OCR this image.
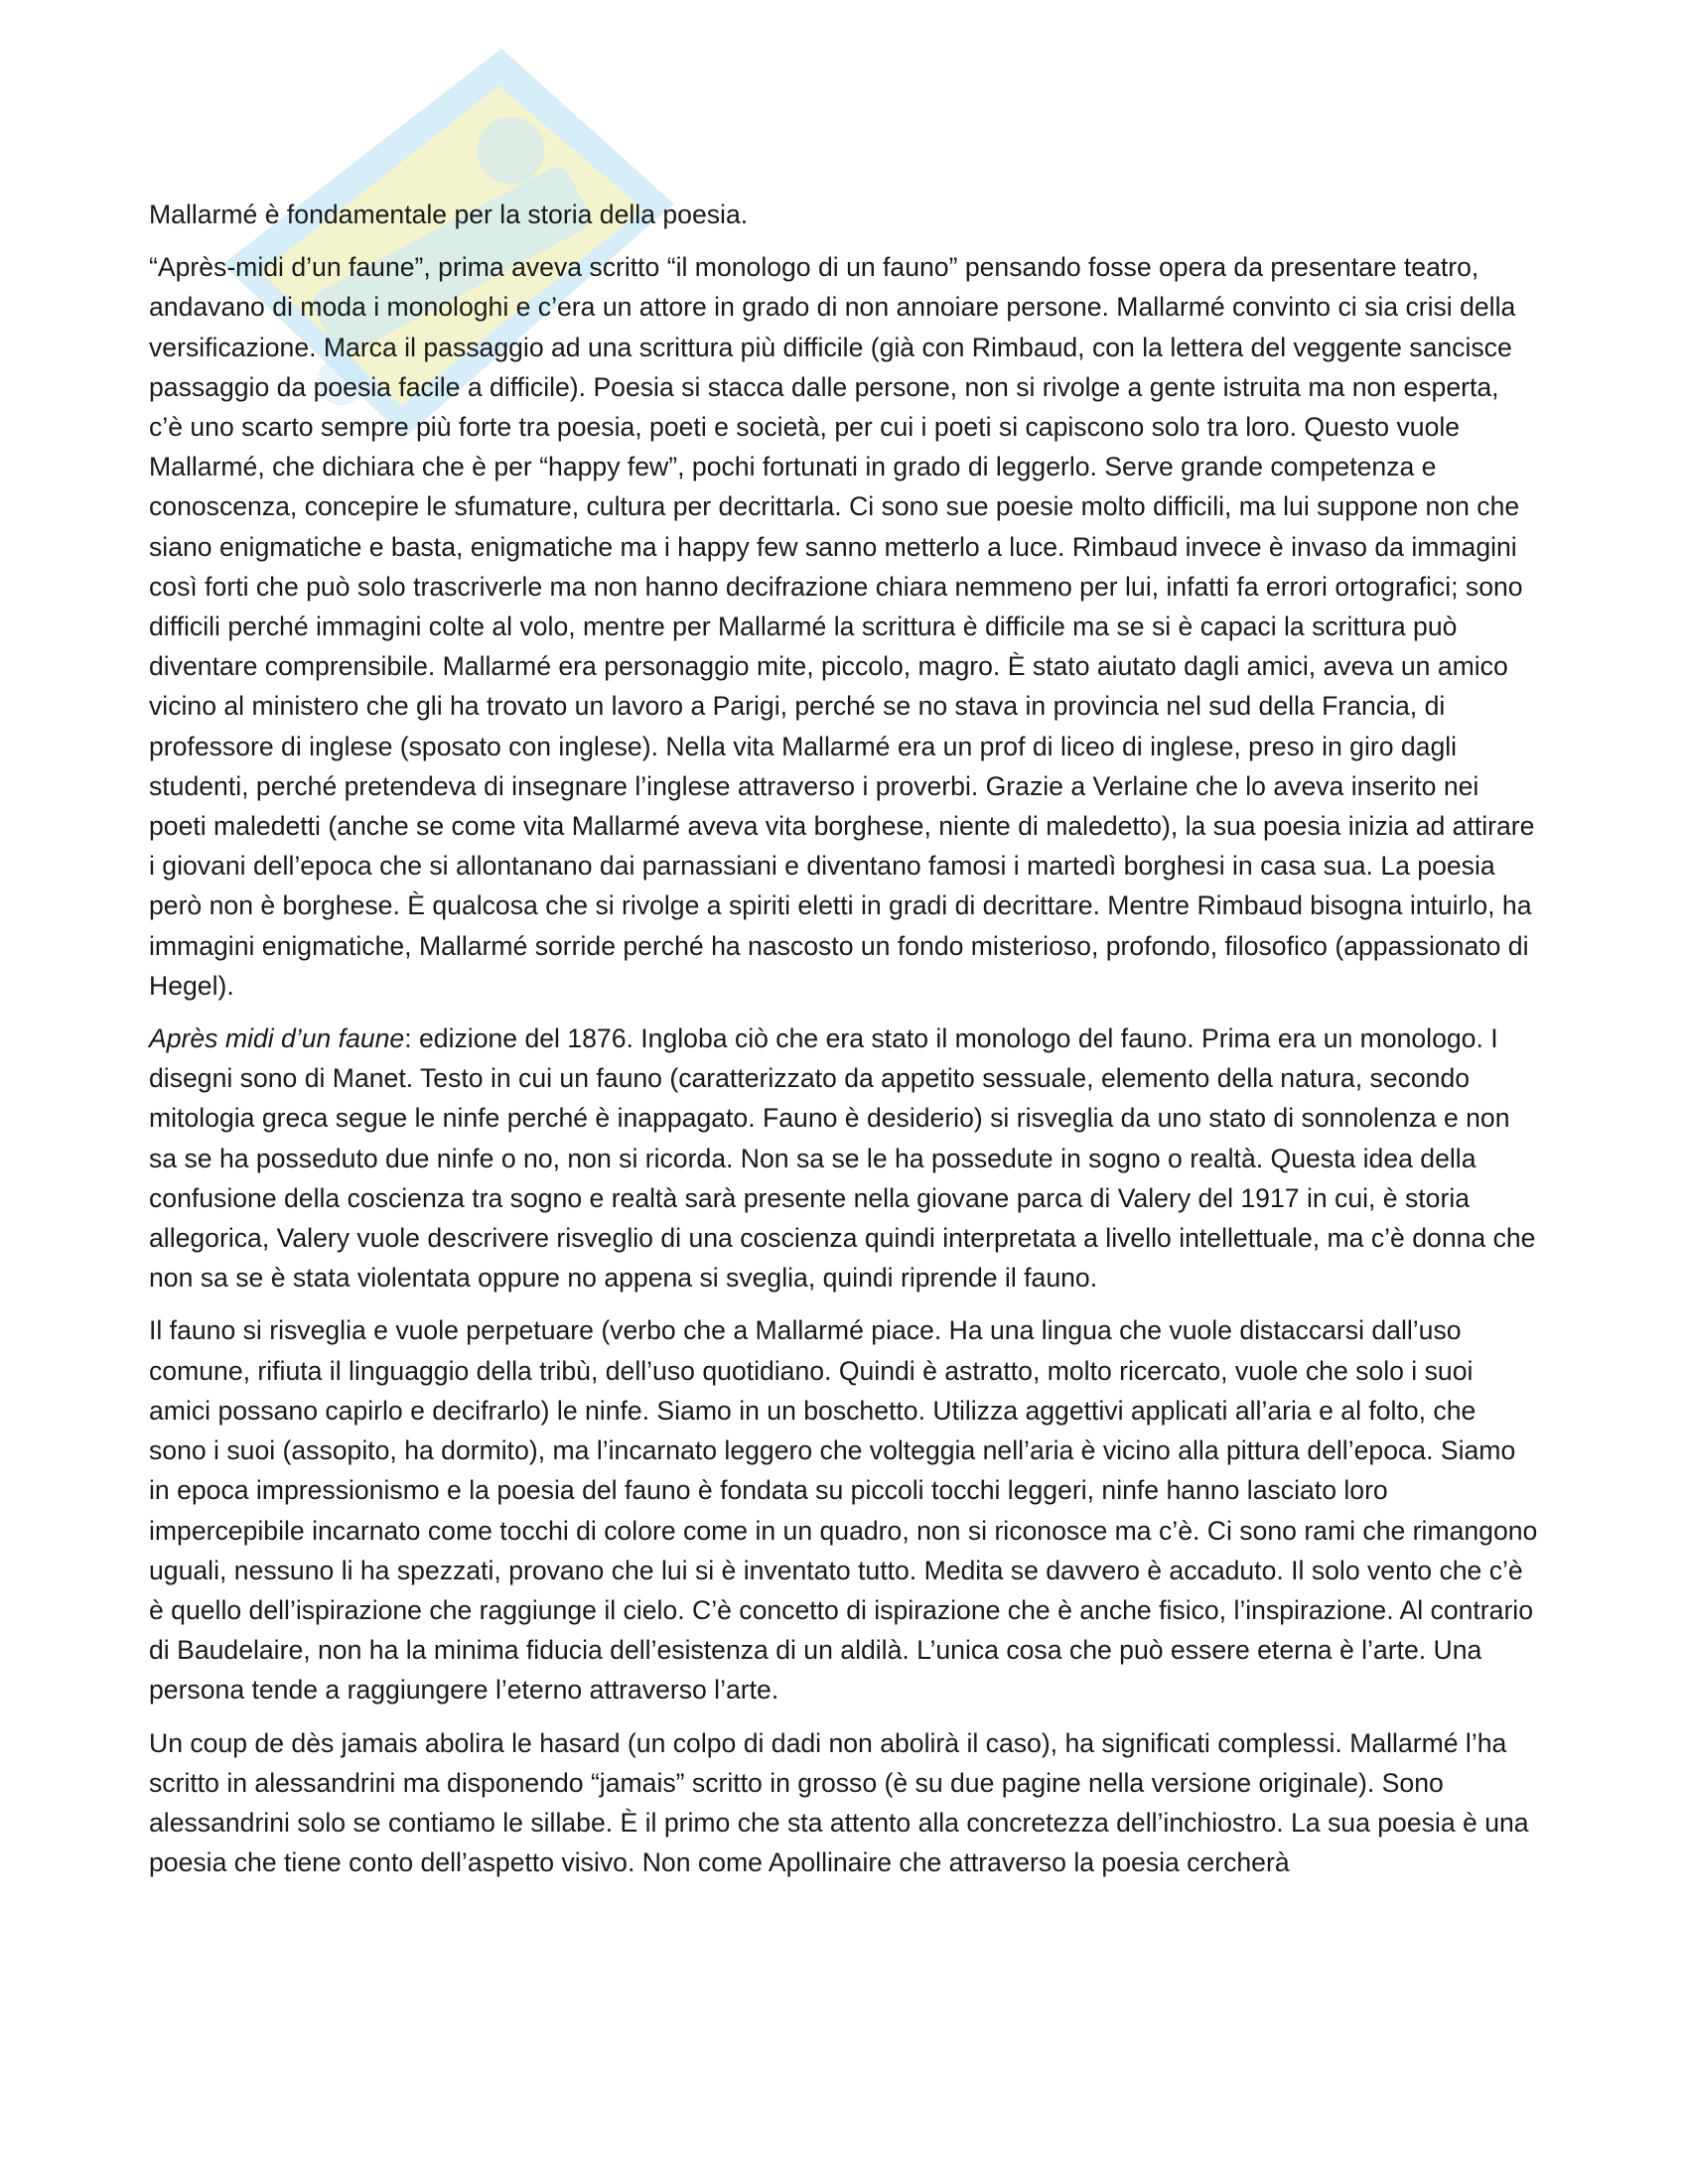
Mallarmé è fondamentale per la storia della poesia.

“Après-midi d’un faune”, prima aveva scritto “il monologo di un fauno” pensando fosse opera da presentare teatro, andavano di moda i monologhi e c’era un attore in grado di non annoiare persone. Mallarmé convinto ci sia crisi della versificazione. Marca il passaggio ad una scrittura più difficile (già con Rimbaud, con la lettera del veggente sancisce passaggio da poesia facile a difficile). Poesia si stacca dalle persone, non si rivolge a gente istruita ma non esperta, c’è uno scarto sempre più forte tra poesia, poeti e società, per cui i poeti si capiscono solo tra loro. Questo vuole Mallarmé, che dichiara che è per “happy few”, pochi fortunati in grado di leggerlo. Serve grande competenza e conoscenza, concepire le sfumature, cultura per decrittarla. Ci sono sue poesie molto difficili, ma lui suppone non che siano enigmatiche e basta, enigmatiche ma i happy few sanno metterlo a luce. Rimbaud invece è invaso da immagini così forti che può solo trascriverle ma non hanno decifrazione chiara nemmeno per lui, infatti fa errori ortografici; sono difficili perché immagini colte al volo, mentre per Mallarmé la scrittura è difficile ma se si è capaci la scrittura può diventare comprensibile. Mallarmé era personaggio mite, piccolo, magro. È stato aiutato dagli amici, aveva un amico vicino al ministero che gli ha trovato un lavoro a Parigi, perché se no stava in provincia nel sud della Francia, di professore di inglese (sposato con inglese). Nella vita Mallarmé era un prof di liceo di inglese, preso in giro dagli studenti, perché pretendeva di insegnare l’inglese attraverso i proverbi. Grazie a Verlaine che lo aveva inserito nei poeti maledetti (anche se come vita Mallarmé aveva vita borghese, niente di maledetto), la sua poesia inizia ad attirare i giovani dell’epoca che si allontanano dai parnassiani e diventano famosi i martedì borghesi in casa sua. La poesia però non è borghese. È qualcosa che si rivolge a spiriti eletti in gradi di decrittare. Mentre Rimbaud bisogna intuirlo, ha immagini enigmatiche, Mallarmé sorride perché ha nascosto un fondo misterioso, profondo, filosofico (appassionato di Hegel).

Après midi d’un faune: edizione del 1876. Ingloba ciò che era stato il monologo del fauno. Prima era un monologo. I disegni sono di Manet. Testo in cui un fauno (caratterizzato da appetito sessuale, elemento della natura, secondo mitologia greca segue le ninfe perché è inappagato. Fauno è desiderio) si risveglia da uno stato di sonnolenza e non sa se ha posseduto due ninfe o no, non si ricorda. Non sa se le ha possedute in sogno o realtà. Questa idea della confusione della coscienza tra sogno e realtà sarà presente nella giovane parca di Valery del 1917 in cui, è storia allegorica, Valery vuole descrivere risveglio di una coscienza quindi interpretata a livello intellettuale, ma c’è donna che non sa se è stata violentata oppure no appena si sveglia, quindi riprende il fauno.

Il fauno si risveglia e vuole perpetuare (verbo che a Mallarmé piace. Ha una lingua che vuole distaccarsi dall’uso comune, rifiuta il linguaggio della tribù, dell’uso quotidiano. Quindi è astratto, molto ricercato, vuole che solo i suoi amici possano capirlo e decifrarlo) le ninfe. Siamo in un boschetto. Utilizza aggettivi applicati all’aria e al folto, che sono i suoi (assopito, ha dormito), ma l’incarnato leggero che volteggia nell’aria è vicino alla pittura dell’epoca. Siamo in epoca impressionismo e la poesia del fauno è fondata su piccoli tocchi leggeri, ninfe hanno lasciato loro impercepibile incarnato come tocchi di colore come in un quadro, non si riconosce ma c’è. Ci sono rami che rimangono uguali, nessuno li ha spezzati, provano che lui si è inventato tutto. Medita se davvero è accaduto. Il solo vento che c’è è quello dell’ispirazione che raggiunge il cielo. C’è concetto di ispirazione che è anche fisico, l’inspirazione. Al contrario di Baudelaire, non ha la minima fiducia dell’esistenza di un aldilà. L’unica cosa che può essere eterna è l’arte. Una persona tende a raggiungere l’eterno attraverso l’arte.

Un coup de dès jamais abolira le hasard (un colpo di dadi non abolirà il caso), ha significati complessi. Mallarmé l’ha scritto in alessandrini ma disponendo “jamais” scritto in grosso (è su due pagine nella versione originale). Sono alessandrini solo se contiamo le sillabe. È il primo che sta attento alla concretezza dell’inchiostro. La sua poesia è una poesia che tiene conto dell’aspetto visivo. Non come Apollinaire che attraverso la poesia cercherà
